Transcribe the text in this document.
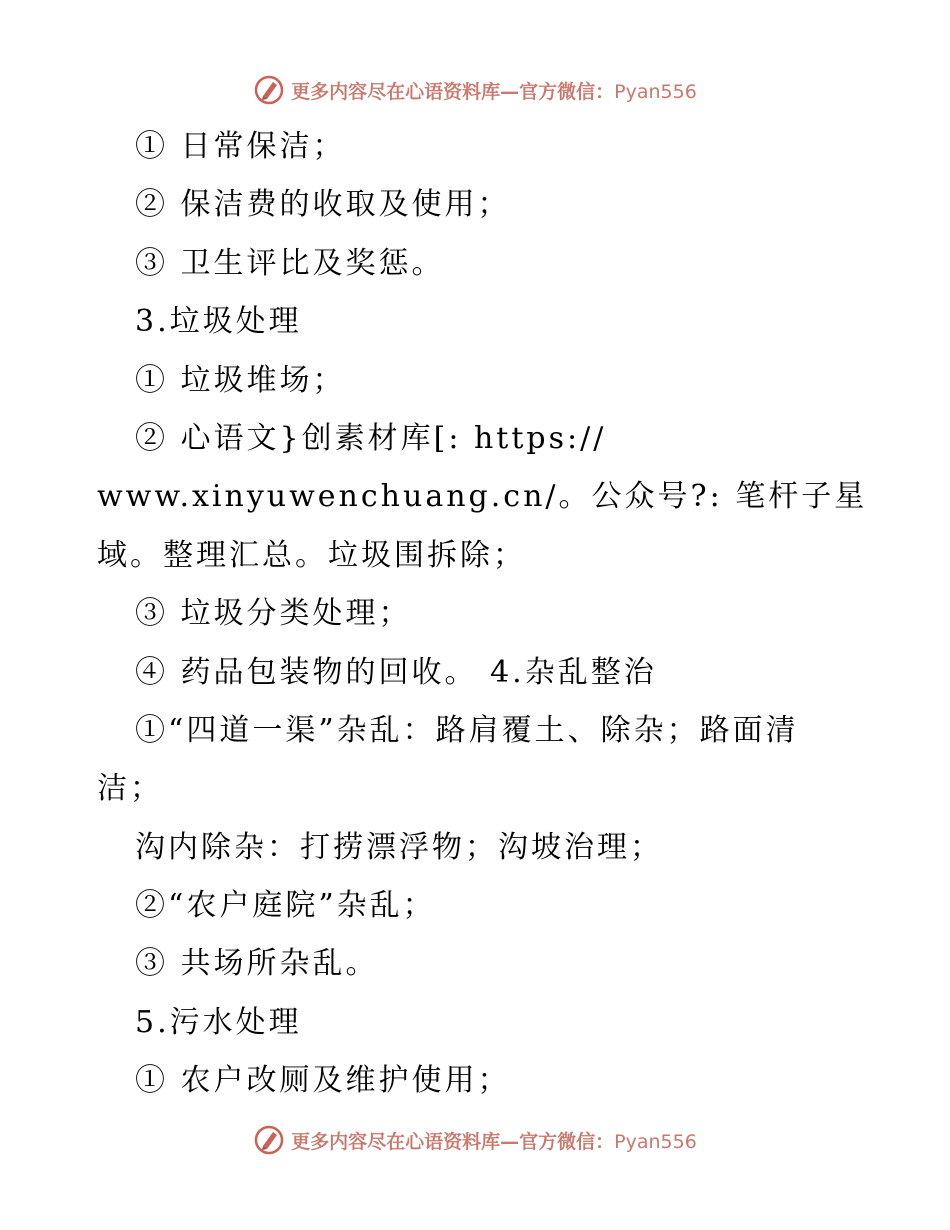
更多内容尽在心语资料库—官方微信：Pyan556
① 日常保洁；
② 保洁费的收取及使用；
③ 卫生评比及奖惩。
3.垃圾处理
① 垃圾堆场；
② 心语文}创素材库[: https://
www.xinyuwenchuang.cn/。公众号?: 笔杆子星
域。整理汇总。垃圾围拆除；
③ 垃圾分类处理；
④ 药品包装物的回收。 4.杂乱整治
①“四道一渠”杂乱：路肩覆土、除杂；路面清
洁；
沟内除杂：打捞漂浮物；沟坡治理；
②“农户庭院”杂乱；
③ 共场所杂乱。
5.污水处理
① 农户改厕及维护使用；
更多内容尽在心语资料库—官方微信：Pyan556
